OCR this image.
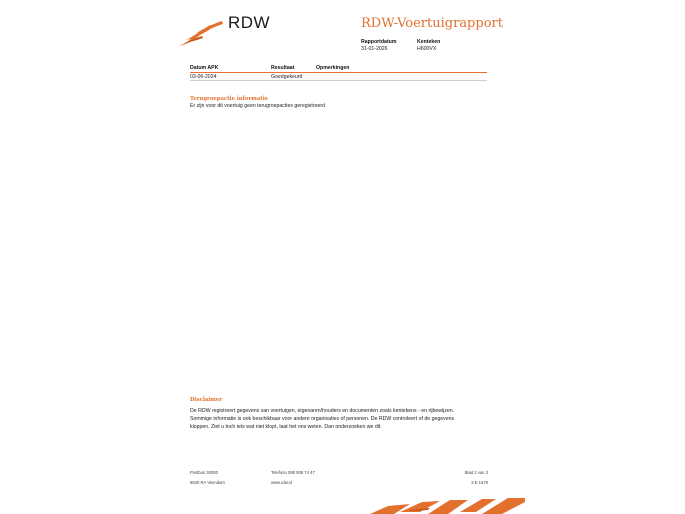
RDW	RDW-Voertuigrapport
Rapportdatum
31-01-2026
Kenteken
H600VX
Datum APK	Resultaat	Opmerkingen
03-06-2024	Goedgekeurd
Terugroepactie informatie
Er zijn voor dit voertuig geen terugroepacties geregistreerd
Disclaimer
De RDW registreert gegevens van voertuigen, eigenaren/houders en documenten zoals kentekens - en rijbewijzen.
Sommige informatie is ook beschikbaar voor andere organisaties of personen. De RDW controleert of de gegevens
kloppen. Ziet u toch iets wat niet klopt, laat het ons weten. Dan onderzoeken we dit.
Postbus 30000
9640 RA Veendam
Telefoon 088 008 74 47
www.rdw.nl
Blad 2 van 3
3 E 1679
